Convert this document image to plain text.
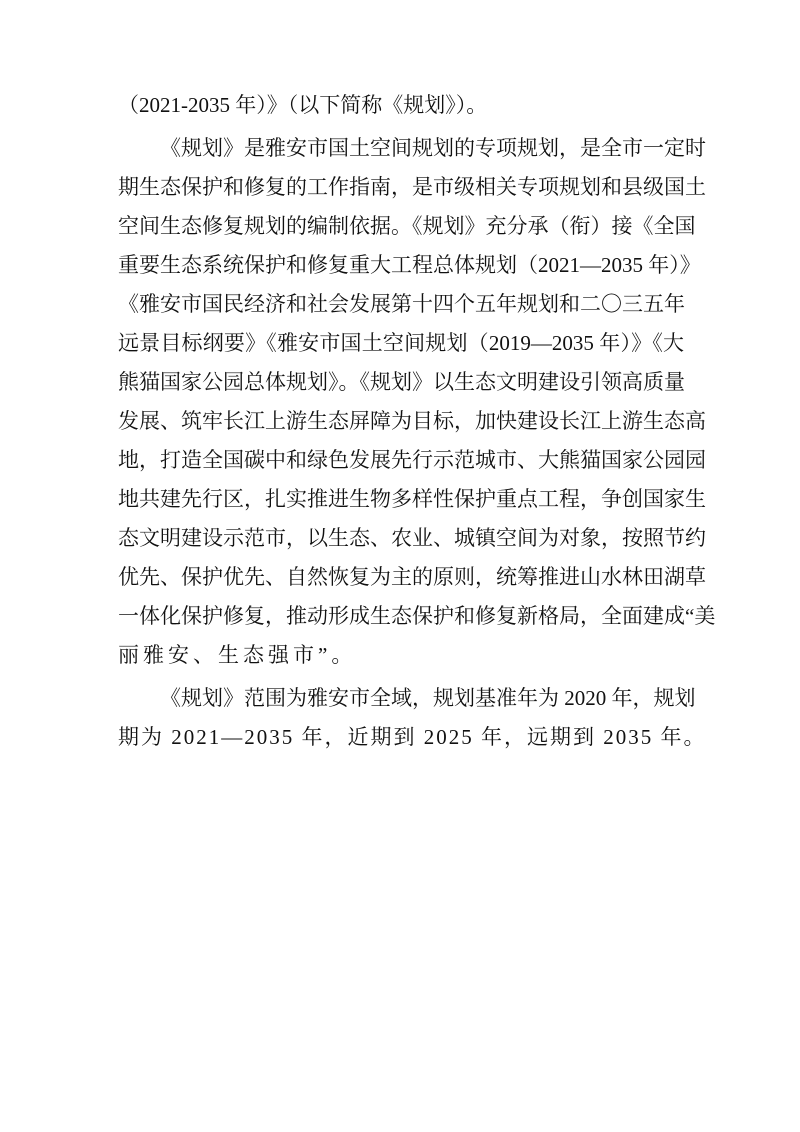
（2021-2035 年）》（以下简称《规划》）。
《规划》是雅安市国土空间规划的专项规划，是全市一定时
期生态保护和修复的工作指南，是市级相关专项规划和县级国土
空间生态修复规划的编制依据。《规划》充分承（衔）接《全国
重要生态系统保护和修复重大工程总体规划（2021—2035 年）》
《雅安市国民经济和社会发展第十四个五年规划和二〇三五年
远景目标纲要》《雅安市国土空间规划（2019—2035 年）》《大
熊猫国家公园总体规划》。《规划》以生态文明建设引领高质量
发展、筑牢长江上游生态屏障为目标，加快建设长江上游生态高
地，打造全国碳中和绿色发展先行示范城市、大熊猫国家公园园
地共建先行区，扎实推进生物多样性保护重点工程，争创国家生
态文明建设示范市，以生态、农业、城镇空间为对象，按照节约
优先、保护优先、自然恢复为主的原则，统筹推进山水林田湖草
一体化保护修复，推动形成生态保护和修复新格局，全面建成“美
丽雅安、生态强市”。
《规划》范围为雅安市全域，规划基准年为 2020 年，规划
期为 2021—2035 年，近期到 2025 年，远期到 2035 年。
